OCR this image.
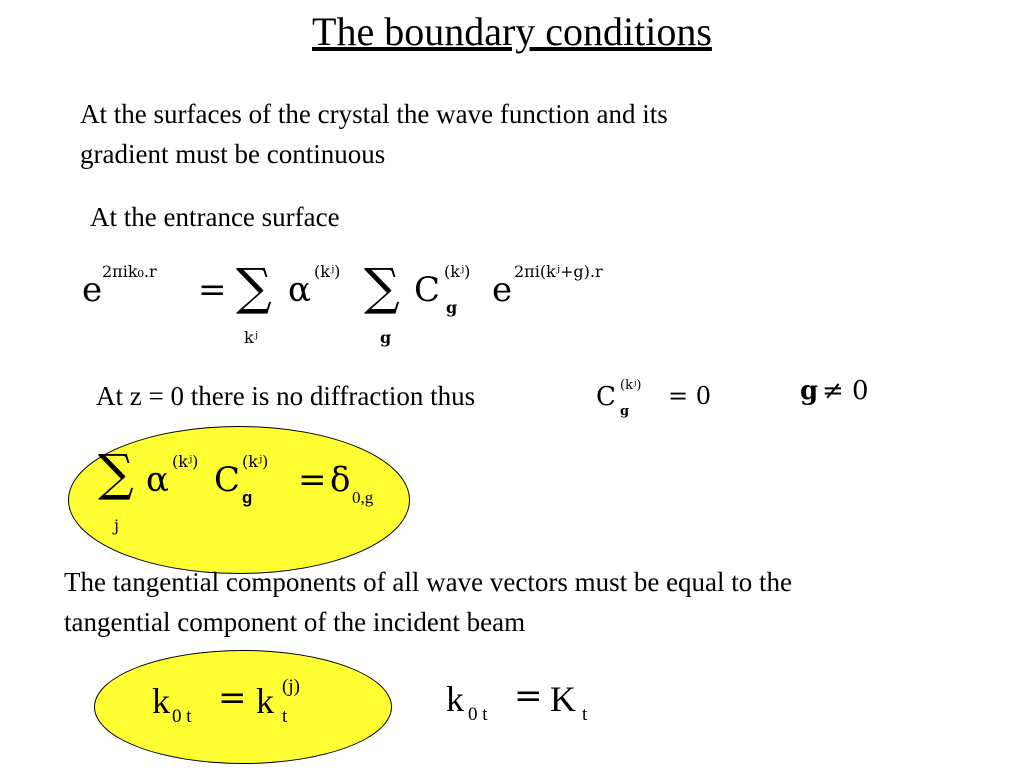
The boundary conditions
At the surfaces of the crystal the wave function and its
gradient must be continuous
At the entrance surface
e 2πik₀.r = ∑
kʲ
α (kʲ) ∑
g
C (kʲ)
g e 2πi(kʲ+g).r
At z = 0 there is no diffraction thus	C (kʲ)
g
= 0	g ≠ 0
∑
j
α (kʲ) C (kʲ)
g = δ 0,g
The tangential components of all wave vectors must be equal to the
tangential component of the incident beam
k 0 t = k (j)
t	k 0 t = K t
